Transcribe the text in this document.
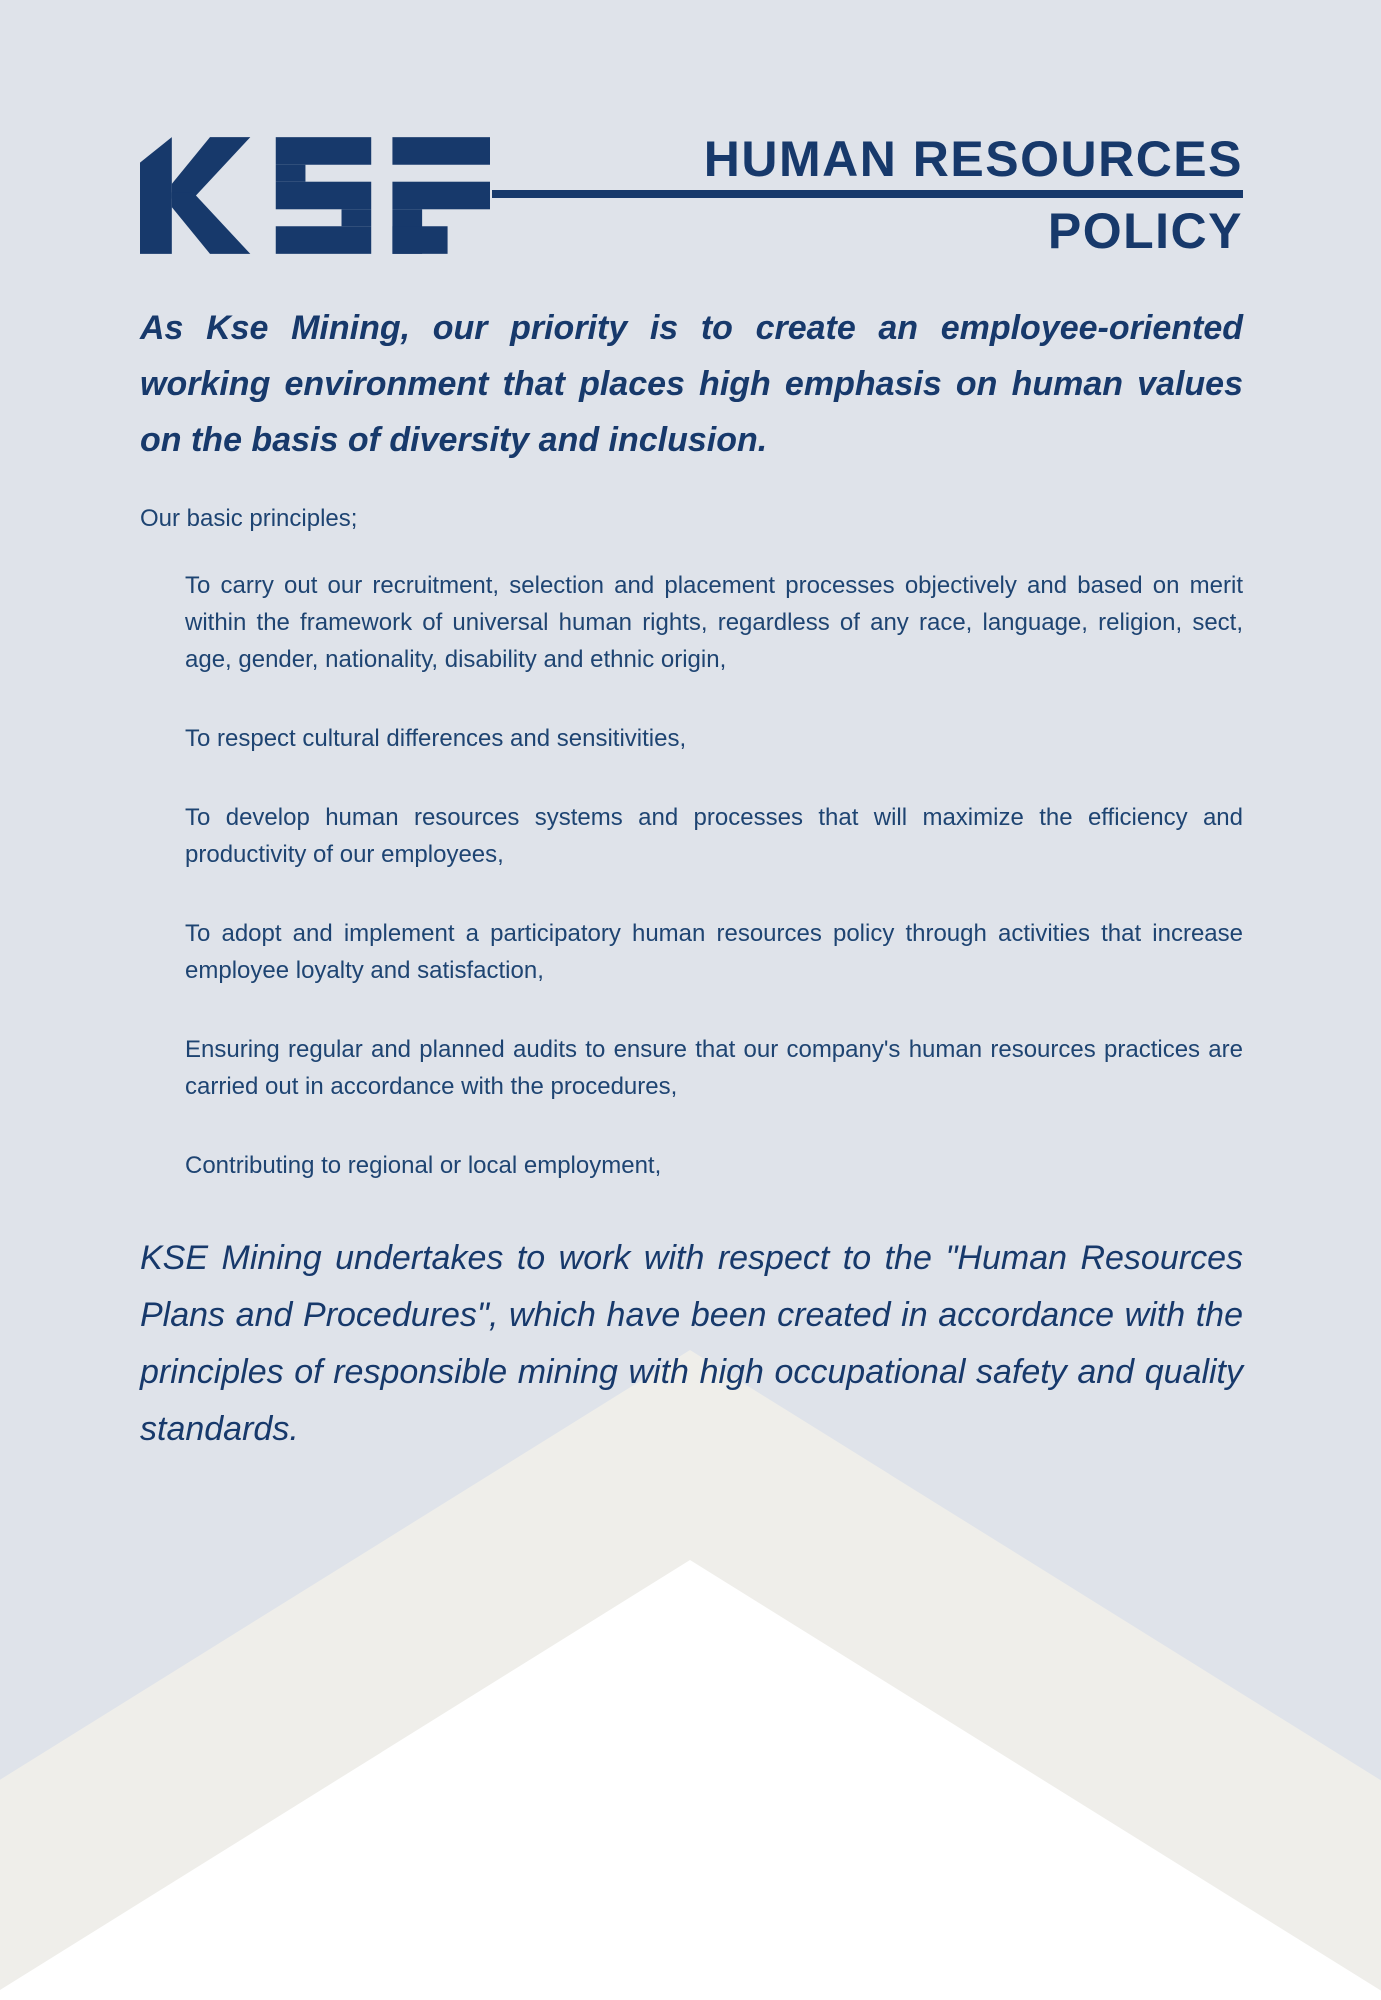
HUMAN RESOURCES
POLICY

As Kse Mining, our priority is to create an employee-oriented working environment that places high emphasis on human values on the basis of diversity and inclusion.

Our basic principles;

To carry out our recruitment, selection and placement processes objectively and based on merit within the framework of universal human rights, regardless of any race, language, religion, sect, age, gender, nationality, disability and ethnic origin,

To respect cultural differences and sensitivities,

To develop human resources systems and processes that will maximize the efficiency and productivity of our employees,

To adopt and implement a participatory human resources policy through activities that increase employee loyalty and satisfaction,

Ensuring regular and planned audits to ensure that our company's human resources practices are carried out in accordance with the procedures,

Contributing to regional or local employment,

KSE Mining undertakes to work with respect to the "Human Resources Plans and Procedures", which have been created in accordance with the principles of responsible mining with high occupational safety and quality standards.
